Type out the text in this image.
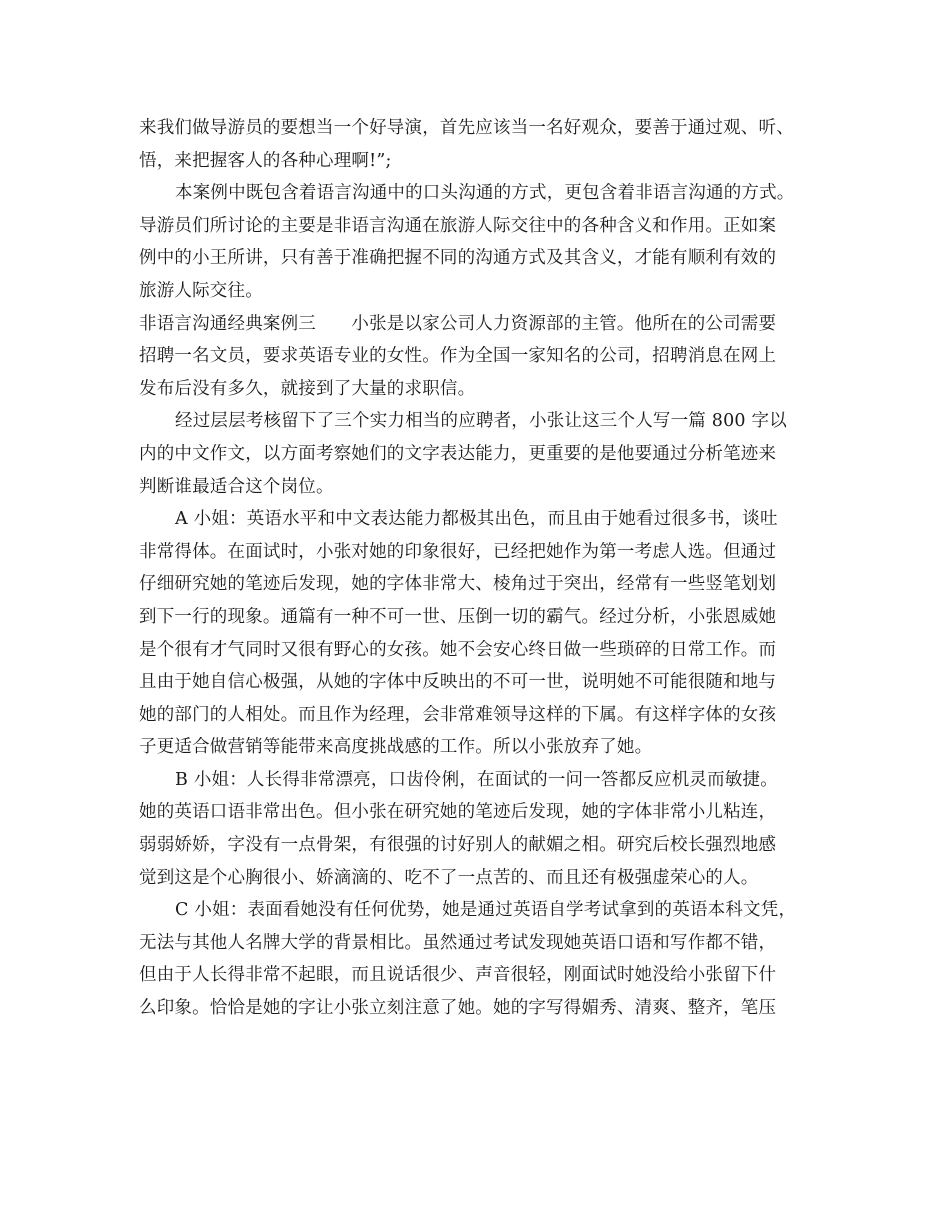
来我们做导游员的要想当一个好导演，首先应该当一名好观众，要善于通过观、听、
悟，来把握客人的各种心理啊!”;
本案例中既包含着语言沟通中的口头沟通的方式，更包含着非语言沟通的方式。
导游员们所讨论的主要是非语言沟通在旅游人际交往中的各种含义和作用。正如案
例中的小王所讲，只有善于准确把握不同的沟通方式及其含义，才能有顺利有效的
旅游人际交往。
非语言沟通经典案例三　　小张是以家公司人力资源部的主管。他所在的公司需要
招聘一名文员，要求英语专业的女性。作为全国一家知名的公司，招聘消息在网上
发布后没有多久，就接到了大量的求职信。
经过层层考核留下了三个实力相当的应聘者，小张让这三个人写一篇 800 字以
内的中文作文，以方面考察她们的文字表达能力，更重要的是他要通过分析笔迹来
判断谁最适合这个岗位。
A 小姐：英语水平和中文表达能力都极其出色，而且由于她看过很多书，谈吐
非常得体。在面试时，小张对她的印象很好，已经把她作为第一考虑人选。但通过
仔细研究她的笔迹后发现，她的字体非常大、棱角过于突出，经常有一些竖笔划划
到下一行的现象。通篇有一种不可一世、压倒一切的霸气。经过分析，小张恩威她
是个很有才气同时又很有野心的女孩。她不会安心终日做一些琐碎的日常工作。而
且由于她自信心极强，从她的字体中反映出的不可一世，说明她不可能很随和地与
她的部门的人相处。而且作为经理，会非常难领导这样的下属。有这样字体的女孩
子更适合做营销等能带来高度挑战感的工作。所以小张放弃了她。
B 小姐：人长得非常漂亮，口齿伶俐，在面试的一问一答都反应机灵而敏捷。
她的英语口语非常出色。但小张在研究她的笔迹后发现，她的字体非常小儿粘连，
弱弱娇娇，字没有一点骨架，有很强的讨好别人的献媚之相。研究后校长强烈地感
觉到这是个心胸很小、娇滴滴的、吃不了一点苦的、而且还有极强虚荣心的人。
C 小姐：表面看她没有任何优势，她是通过英语自学考试拿到的英语本科文凭，
无法与其他人名牌大学的背景相比。虽然通过考试发现她英语口语和写作都不错，
但由于人长得非常不起眼，而且说话很少、声音很轻，刚面试时她没给小张留下什
么印象。恰恰是她的字让小张立刻注意了她。她的字写得媚秀、清爽、整齐，笔压
